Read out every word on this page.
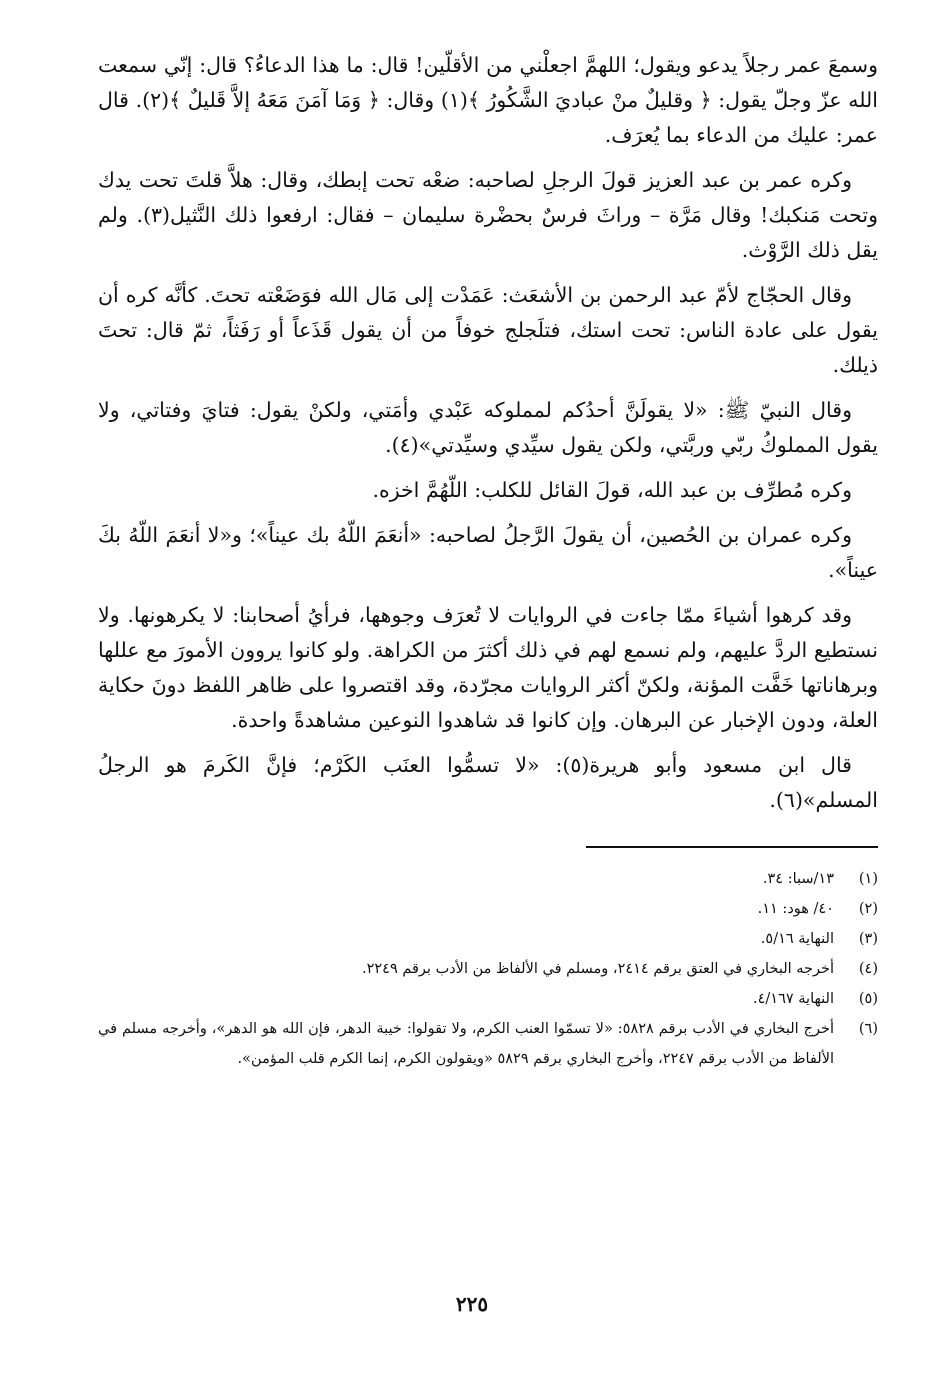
وسمعَ عمر رجلاً يدعو ويقول؛ اللهمَّ اجعلْني من الأقلّين! قال: ما هذا الدعاءُ؟ قال: إنّي سمعت الله عزّ وجلّ يقول: ﴿ وقليلٌ منْ عباديَ الشَّكُورُ ﴾(١) وقال: ﴿ وَمَا آمَنَ مَعَهُ إلاَّ قَليلٌ ﴾(٢). قال عمر: عليك من الدعاء بما يُعرَف.

وكره عمر بن عبد العزيز قولَ الرجلِ لصاحبه: ضعْه تحت إبطك، وقال: هلاَّ قلتَ تحت يدك وتحت مَنكبك! وقال مَرَّة – وراثَ فرسٌ بحضْرة سليمان – فقال: ارفعوا ذلك النَّثيل(٣). ولم يقل ذلك الرَّوْث.

وقال الحجّاج لأمّ عبد الرحمن بن الأشعَث: عَمَدْت إلى مَال الله فوَضَعْته تحتَ. كأنَّه كره أن يقول على عادة الناس: تحت استك، فتلَجلج خوفاً من أن يقول قَذَعاً أو رَفَثاً، ثمّ قال: تحتَ ذيلك.

وقال النبيّ ﷺ: «لا يقولَنَّ أحدُكم لمملوكه عَبْدي وأمَتي، ولكنْ يقول: فتايَ وفتاتي، ولا يقول المملوكُ ربّي وربَّتي، ولكن يقول سيِّدي وسيِّدتي»(٤).

وكره مُطرِّف بن عبد الله، قولَ القائل للكلب: اللّهُمَّ اخزه.

وكره عمران بن الحُصين، أن يقولَ الرَّجلُ لصاحبه: «أنعَمَ اللّهُ بك عيناً»؛ و«لا أنعَمَ اللّهُ بكَ عيناً».

وقد كرهوا أشياءَ ممّا جاءت في الروايات لا تُعرَف وجوهها، فرأيُ أصحابنا: لا يكرهونها. ولا نستطيع الردَّ عليهم، ولم نسمع لهم في ذلك أكثرَ من الكراهة. ولو كانوا يروون الأمورَ مع عللها وبرهاناتها خَفَّت المؤنة، ولكنّ أكثر الروايات مجرّدة، وقد اقتصروا على ظاهر اللفظ دونَ حكاية العلة، ودون الإخبار عن البرهان. وإن كانوا قد شاهدوا النوعين مشاهدةً واحدة.

قال ابن مسعود وأبو هريرة(٥): «لا تسمُّوا العنَب الكَرْم؛ فإنَّ الكَرمَ هو الرجلُ المسلم»(٦).

(١)
١٣/سبا: ٣٤.
(٢)
٤٠/ هود: ١١.
(٣)
النهاية ٥/١٦.
(٤)
أخرجه البخاري في العتق برقم ٢٤١٤، ومسلم في الألفاظ من الأدب برقم ٢٢٤٩.
(٥)
النهاية ٤/١٦٧.
(٦)
أخرج البخاري في الأدب برقم ٥٨٢٨: «لا تسمّوا العنب الكرم، ولا تقولوا: خيبة الدهر، فإن الله هو الدهر»، وأخرجه مسلم في الألفاظ من الأدب برقم ٢٢٤٧، وأخرج البخاري برقم ٥٨٢٩ «ويقولون الكرم، إنما الكرم قلب المؤمن».
٢٢٥
